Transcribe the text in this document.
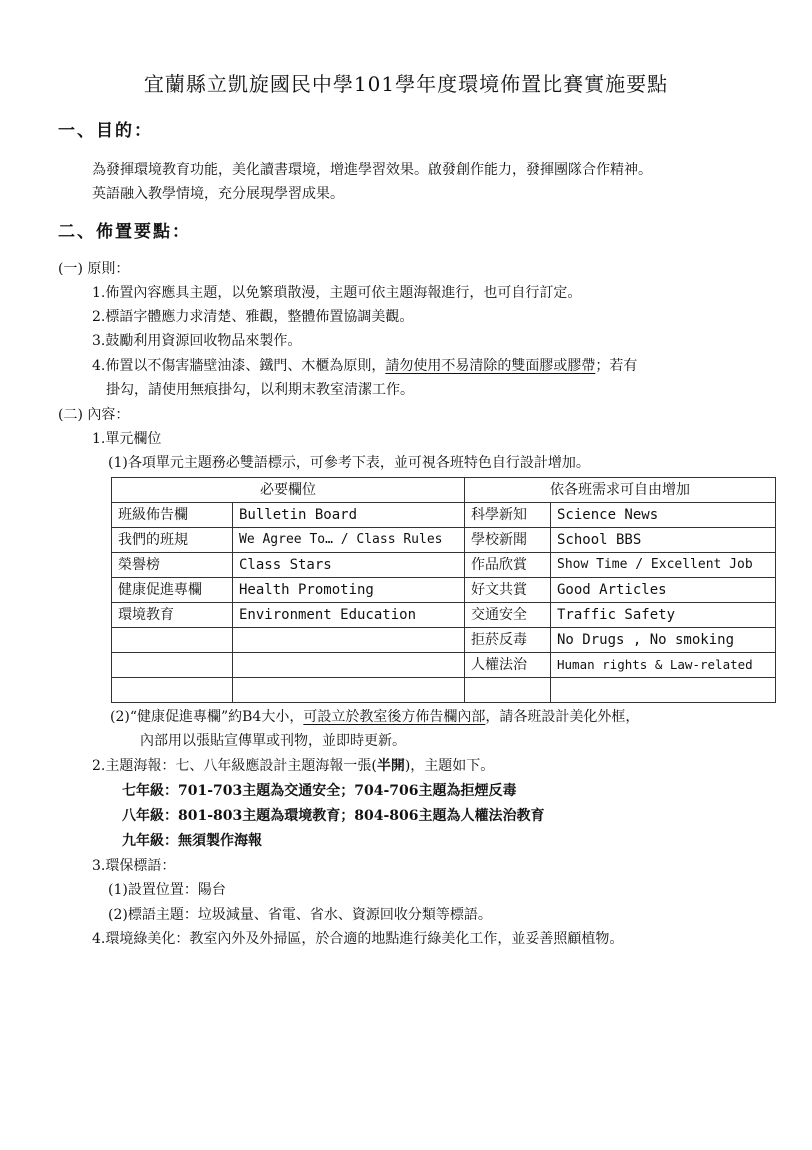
宜蘭縣立凱旋國民中學101學年度環境佈置比賽實施要點
一、目的：
為發揮環境教育功能，美化讀書環境，增進學習效果。啟發創作能力，發揮團隊合作精神。
英語融入教學情境，充分展現學習成果。
二、佈置要點：
(一) 原則：
1.佈置內容應具主題，以免繁瑣散漫，主題可依主題海報進行，也可自行訂定。
2.標語字體應力求清楚、雅觀，整體佈置協調美觀。
3.鼓勵利用資源回收物品來製作。
4.佈置以不傷害牆壁油漆、鐵門、木櫃為原則，請勿使用不易清除的雙面膠或膠帶；若有
掛勾，請使用無痕掛勾，以利期末教室清潔工作。
(二) 內容：
1.單元欄位
(1)各項單元主題務必雙語標示，可參考下表，並可視各班特色自行設計增加。
必要欄位		依各班需求可自由增加	
班級佈告欄	Bulletin Board	科學新知	Science News
我們的班規	We Agree To… / Class Rules	學校新聞	School BBS
榮譽榜	Class Stars	作品欣賞	Show Time / Excellent Job
健康促進專欄	Health Promoting	好文共賞	Good Articles
環境教育	Environment Education	交通安全	Traffic Safety
		拒菸反毒	No Drugs , No smoking
		人權法治	Human rights & Law-related

(2)“健康促進專欄”約B4大小，可設立於教室後方佈告欄內部，請各班設計美化外框，
內部用以張貼宣傳單或刊物，並即時更新。
2.主題海報：七、八年級應設計主題海報一張(半開)，主題如下。
七年級：701-703主題為交通安全；704-706主題為拒煙反毒
八年級：801-803主題為環境教育；804-806主題為人權法治教育
九年級：無須製作海報
3.環保標語：
(1)設置位置：陽台
(2)標語主題：垃圾減量、省電、省水、資源回收分類等標語。
4.環境綠美化：教室內外及外掃區，於合適的地點進行綠美化工作，並妥善照顧植物。
